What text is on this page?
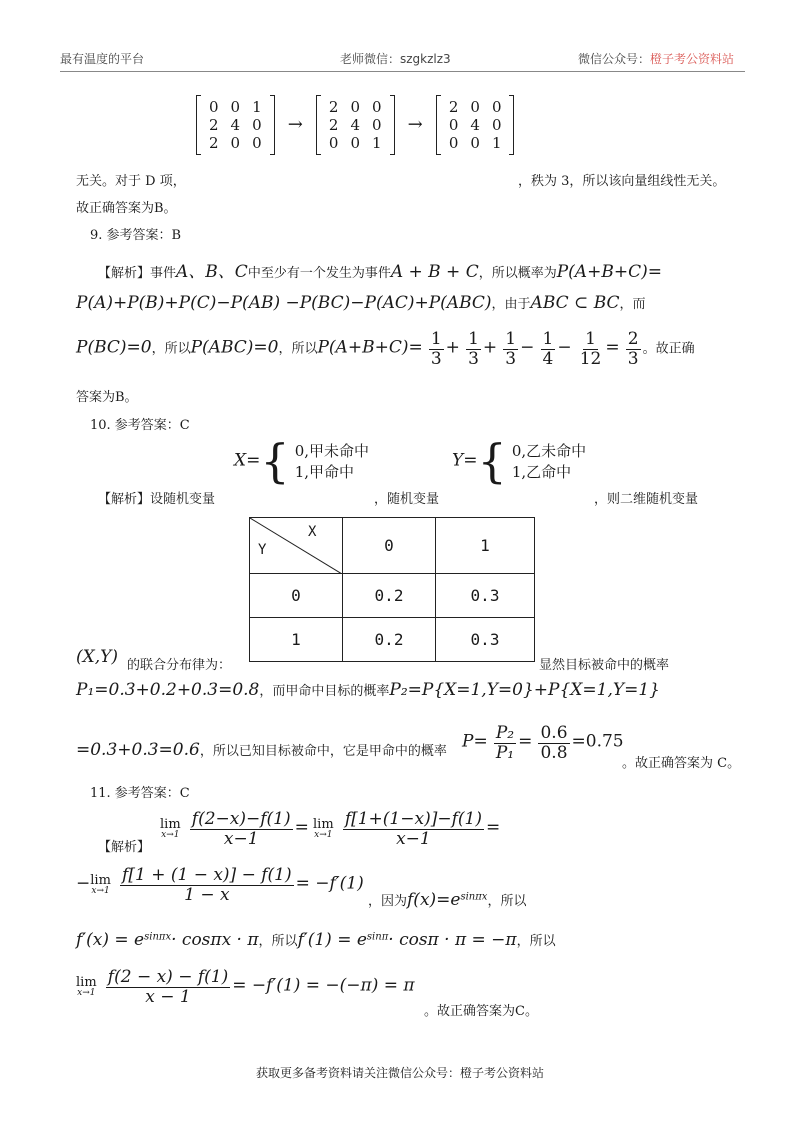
最有温度的平台	老师微信：szgkzlz3	微信公众号：橙子考公资料站
0	0	1
2	4	0
2	0	0
→
2	0	0
2	4	0
0	0	1
→
2	0	0
0	4	0
0	0	1
无关。对于 D 项，	，秩为 3，所以该向量组线性无关。
故正确答案为B。
9. 参考答案：B
【解析】事件A、B、C中至少有一个发生为事件A + B + C，所以概率为P(A+B+C)=
P(A)+P(B)+P(C)−P(AB) −P(BC)−P(AC)+P(ABC)，由于ABC ⊂ BC，而
P(BC)=0，所以P(ABC)=0，所以$P(A+B+C)= \frac{1}{3} + \frac{1}{3} + \frac{1}{3} - \frac{1}{4} - \frac{1}{12} = \frac{2}{3}$ 。故正确
答案为B。
10. 参考答案：C
X={ 0,甲未命中
1,甲命中
Y={ 0,乙未命中
1,乙命中
【解析】设随机变量	，随机变量	，则二维随机变量
Y
X	0	1
0	0.2	0.3
1	0.2	0.3
(X,Y) 的联合分布律为：	显然目标被命中的概率
P₁=0.3+0.2+0.3=0.8，而甲命中目标的概率P₂=P{X=1,Y=0}+P{X=1,Y=1}
=0.3+0.3=0.6，所以已知目标被命中，它是甲命中的概率 $P= \frac{\text{P₂}}{\text{P₁}} = \frac{0.6}{0.8} =0.75$
。故正确答案为 C。
11. 参考答案：C
lim
x→1
$\frac{f(2-x)-f(1)}{x-1} = \lim$
x→1
$\frac{f[1+(1-x)]-f(1)}{x-1}$ =
【解析】
− lim
x→1
$\frac{f[1 + (1 - x)] - f(1)}{1 - x} = -f'(1)$
，因为$f(x)=e^{sin\pi x}$，所以
$f'(x) = e^{sin\pi x}\cdot \cos\pi x \cdot \pi$，所以$f'(1) = e^{sin\pi}\cdot \cos\pi \cdot \pi = -\pi$，所以
lim
x→1
$\frac{f(2 - x) - f(1)}{x - 1} = -f'(1) = -(-\pi) = \pi$
。故正确答案为C。
获取更多备考资料请关注微信公众号：橙子考公资料站
